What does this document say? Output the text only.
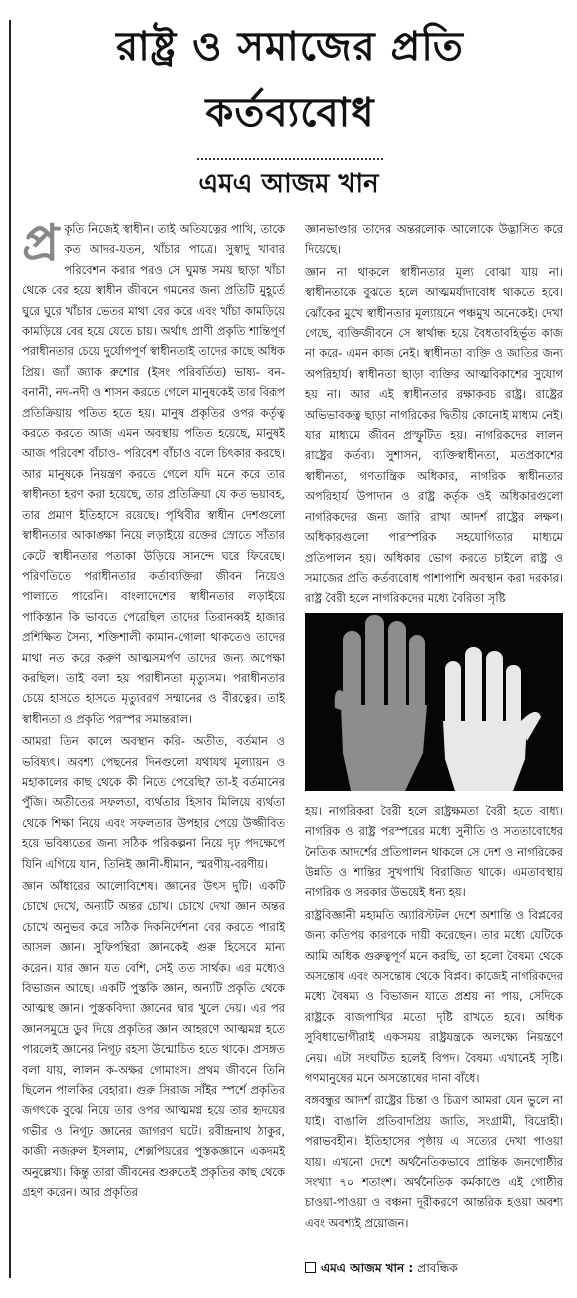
রাষ্ট্র ও সমাজের প্রতি
কর্তব্যবোধ
এমএ আজম খান

প্র কৃতি নিজেই স্বাধীন। তাই অতিযত্নের পাখি, তাকে কত আদর-যতন, খাঁচার পাত্রে। সুস্বাদু খাবার পরিবেশন করার পরও সে ঘুমন্ত সময় ছাড়া খাঁচা থেকে বের হয়ে স্বাধীন জীবনে গমনের জন্য প্রতিটি মুহূর্তে ঘুরে ঘুরে খাঁচার ভেতর মাথা বের করে এবং খাঁচা কামড়িয়ে কামড়িয়ে বের হয়ে যেতে চায়। অর্থাৎ প্রাণী প্রকৃতি শান্তিপূর্ণ পরাধীনতার চেয়ে দুর্যোগপূর্ণ স্বাধীনতাই তাদের কাছে অধিক প্রিয়। জ্যাঁ জ্যাক রুশোর (ইসং পরিবর্তিত) ভাষ্য- বন-বনানী, নদ-নদী ও শাসন করতে গেলে মানুষকেই তার বিরূপ প্রতিক্রিয়ায় পতিত হতে হয়। মানুষ প্রকৃতির ওপর কর্তৃত্ব করতে করতে আজ এমন অবস্থায় পতিত হয়েছে, মানুষই আজ পরিবেশ বাঁচাও- পরিবেশ বাঁচাও বলে চিৎকার করছে। আর মানুষকে নিয়ন্ত্রণ করতে গেলে যদি মনে করে তার স্বাধীনতা হরণ করা হয়েছে, তার প্রতিক্রিয়া যে কত ভয়াবহ, তার প্রমাণ ইতিহাসে রয়েছে। পৃথিবীর স্বাধীন দেশগুলো স্বাধীনতার আকাঙ্ক্ষা নিয়ে লড়াইয়ে রক্তের স্রোতে সাঁতার কেটে স্বাধীনতার পতাকা উড়িয়ে সানন্দে ঘরে ফিরেছে। পরিণতিতে পরাধীনতার কর্তাব্যক্তিরা জীবন নিয়েও পালাতে পারেনি। বাংলাদেশের স্বাধীনতার লড়াইয়ে পাকিস্তান কি ভাবতে পেরেছিল তাদের তিরানব্বই হাজার প্রশিক্ষিত সৈন্য, শক্তিশালী কামান-গোলা থাকতেও তাদের মাথা নত করে করুণ আত্মসমর্পণ তাদের জন্য অপেক্ষা করছিল। তাই বলা হয় পরাধীনতা মৃত্যুসম। পরাধীনতার চেয়ে হাসতে হাসতে মৃত্যুবরণ সম্মানের ও বীরত্বের। তাই স্বাধীনতা ও প্রকৃতি পরস্পর সমান্তরাল।

আমরা তিন কালে অবস্থান করি- অতীত, বর্তমান ও ভবিষ্যৎ। অবশ্য পেছনের দিনগুলো যথাযথ মূল্যায়ন ও মহাকালের কাছ থেকে কী নিতে পেরেছি? তা-ই বর্তমানের পুঁজি। অতীতের সফলতা, ব্যর্থতার হিসাব মিলিয়ে ব্যর্থতা থেকে শিক্ষা নিয়ে এবং সফলতার উপহার পেয়ে উজ্জীবিত হয়ে ভবিষ্যতের জন্য সঠিক পরিকল্পনা নিয়ে দৃঢ় পদক্ষেপে যিনি এগিয়ে যান, তিনিই জ্ঞানী-ধীমান, স্মরণীয়-বরণীয়।

জ্ঞান আঁধারের আলোবিশেষ। জ্ঞানের উৎস দুটি। একটি চোখে দেখে, অন্যটি অন্তর চোখ। চোখে দেখা জ্ঞান অন্তর চোখে অনুভব করে সঠিক দিকনির্দেশনা বের করতে পারাই আসল জ্ঞান। সুফিপন্থিরা জ্ঞানকেই গুরু হিসেবে মান্য করেন। যার জ্ঞান যত বেশি, সেই তত সার্থক। এর মধ্যেও বিভাজন আছে। একটি পুস্তকি জ্ঞান, অন্যটি প্রকৃতি থেকে আত্মস্থ জ্ঞান। পুস্তকবিদ্যা জ্ঞানের দ্বার খুলে দেয়। এর পর জ্ঞানসমুদ্রে ডুব দিয়ে প্রকৃতির জ্ঞান আহরণে আত্মমগ্ন হতে পারলেই জ্ঞানের নিগূঢ় রহস্য উন্মোচিত হতে থাকে। প্রসঙ্গত বলা যায়, লালন ক-অক্ষর গোমাংস। প্রথম জীবনে তিনি ছিলেন পালকির বেহারা। গুরু সিরাজ সাঁইর স্পর্শে প্রকৃতির জগৎকে বুঝে নিয়ে তার ওপর আত্মমগ্ন হয়ে তার হৃদয়ের গভীর ও নিগূঢ় জ্ঞানের জাগরণ ঘটে। রবীন্দ্রনাথ ঠাকুর, কাজী নজরুল ইসলাম, শেক্সপিয়রের পুস্তকজ্ঞানে একদমই অনুল্লেখ্য। কিন্তু তারা জীবনের শুরুতেই প্রকৃতির কাছ থেকে গ্রহণ করেন। আর প্রকৃতির

জ্ঞানভাণ্ডার তাদের অন্তরলোক আলোকে উদ্ভাসিত করে দিয়েছে।

জ্ঞান না থাকলে স্বাধীনতার মূল্য বোঝা যায় না। স্বাধীনতাকে বুঝতে হলে আত্মমর্যাদাবোধ থাকতে হবে। ঝোঁকের মুখে স্বাধীনতার মূল্যায়নে পঞ্চমুখ অনেকেই। দেখা গেছে, ব্যক্তিজীবনে সে স্বার্থান্ধ হয়ে বৈধতাবহির্ভূত কাজ না করে- এমন কাজ নেই। স্বাধীনতা ব্যক্তি ও জাতির জন্য অপরিহার্য। স্বাধীনতা ছাড়া ব্যক্তির আত্মবিকাশের সুযোগ হয় না। আর এই স্বাধীনতার রক্ষাকবচ রাষ্ট্র। রাষ্ট্রের অভিভাবকত্ব ছাড়া নাগরিকের দ্বিতীয় কোনোই মাধ্যম নেই। যার মাধ্যমে জীবন প্রস্ফুটিত হয়। নাগরিকদের লালন রাষ্ট্রের কর্তব্য। সুশাসন, ব্যক্তিস্বাধীনতা, মতপ্রকাশের স্বাধীনতা, গণতান্ত্রিক অধিকার, নাগরিক স্বাধীনতার অপরিহার্য উপাদান ও রাষ্ট্র কর্তৃক ওই অধিকারগুলো নাগরিকদের জন্য জারি রাখা আদর্শ রাষ্ট্রের লক্ষণ। অধিকারগুলো পারস্পরিক সহযোগিতার মাধ্যমে প্রতিপালন হয়। অধিকার ভোগ করতে চাইলে রাষ্ট্র ও সমাজের প্রতি কর্তব্যবোধ পাশাপাশি অবস্থান করা দরকার। রাষ্ট্র বৈরী হলে নাগরিকদের মধ্যে বৈরিতা সৃষ্টি

হয়। নাগরিকরা বৈরী হলে রাষ্ট্রক্ষমতা বৈরী হতে বাধ্য। নাগরিক ও রাষ্ট্র পরস্পরের মধ্যে সুনীতি ও সততাবোধের নৈতিক আদর্শের প্রতিপালন থাকলে সে দেশ ও নাগরিকের উন্নতি ও শান্তির সুখপাখি বিরাজিত থাকে। এমতাবস্থায় নাগরিক ও সরকার উভয়েই ধন্য হয়।

রাষ্ট্রবিজ্ঞানী মহামতি অ্যারিস্টটল দেশে অশান্তি ও বিপ্লবের জন্য কতিপয় কারণকে দায়ী করেছেন। তার মধ্যে যেটিকে আমি অধিক গুরুত্বপূর্ণ মনে করছি, তা হলো বৈষম্য থেকে অসন্তোষ এবং অসন্তোষ থেকে বিপ্লব। কাজেই নাগরিকদের মধ্যে বৈষম্য ও বিভাজন যাতে প্রশ্রয় না পায়, সেদিকে রাষ্ট্রকে বাজপাখির মতো দৃষ্টি রাখতে হবে। অধিক সুবিধাভোগীরাই একসময় রাষ্ট্রযন্ত্রকে অলক্ষ্যে নিয়ন্ত্রণে নেয়। এটা সংঘটিত হলেই বিপদ। বৈষম্য এখানেই সৃষ্টি। গণমানুষের মনে অসন্তোষের দানা বাঁধে।

বঙ্গবন্ধুর আদর্শ রাষ্ট্রের চিন্তা ও চিত্রণ আমরা যেন ভুলে না যাই। বাঙালি প্রতিবাদপ্রিয় জাতি, সংগ্রামী, বিদ্রোহী। পরাভবহীন। ইতিহাসের পৃষ্ঠায় এ সত্যের দেখা পাওয়া যায়। এখনো দেশে অর্থনৈতিকভাবে প্রান্তিক জনগোষ্ঠীর সংখ্যা ৭০ শতাংশ। অর্থনৈতিক কর্মকাণ্ডে এই গোষ্ঠীর চাওয়া-পাওয়া ও বঞ্চনা দূরীকরণে আন্তরিক হওয়া অবশ্য এবং অবশ্যই প্রয়োজন।

এমএ আজম খান : প্রাবন্ধিক
